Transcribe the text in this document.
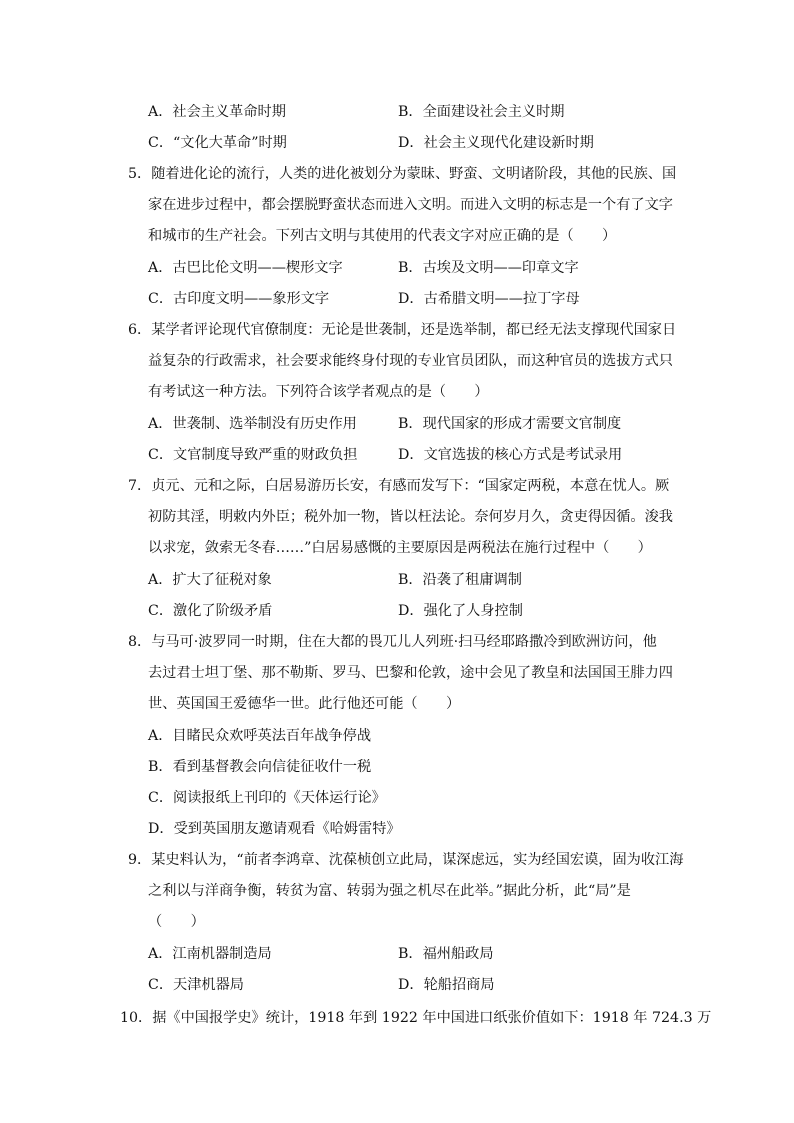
A．社会主义革命时期	B．全面建设社会主义时期
C．“文化大革命”时期	D．社会主义现代化建设新时期
5．随着进化论的流行，人类的进化被划分为蒙昧、野蛮、文明诸阶段，其他的民族、国
家在进步过程中，都会摆脱野蛮状态而进入文明。而进入文明的标志是一个有了文字
和城市的生产社会。下列古文明与其使用的代表文字对应正确的是（　　）
A．古巴比伦文明——楔形文字	B．古埃及文明——印章文字
C．古印度文明——象形文字	D．古希腊文明——拉丁字母
6．某学者评论现代官僚制度：无论是世袭制，还是选举制，都已经无法支撑现代国家日
益复杂的行政需求，社会要求能终身付现的专业官员团队，而这种官员的选拔方式只
有考试这一种方法。下列符合该学者观点的是（　　）
A．世袭制、选举制没有历史作用	B．现代国家的形成才需要文官制度
C．文官制度导致严重的财政负担	D．文官选拔的核心方式是考试录用
7．贞元、元和之际，白居易游历长安，有感而发写下：“国家定两税，本意在忧人。厥
初防其淫，明敕内外臣；税外加一物，皆以枉法论。奈何岁月久，贪吏得因循。浚我
以求宠，敛索无冬春……”白居易感慨的主要原因是两税法在施行过程中（　　）
A．扩大了征税对象	B．沿袭了租庸调制
C．激化了阶级矛盾	D．强化了人身控制
8．与马可·波罗同一时期，住在大都的畏兀儿人列班·扫马经耶路撒冷到欧洲访问，他
去过君士坦丁堡、那不勒斯、罗马、巴黎和伦敦，途中会见了教皇和法国国王腓力四
世、英国国王爱德华一世。此行他还可能（　　）
A．目睹民众欢呼英法百年战争停战
B．看到基督教会向信徒征收什一税
C．阅读报纸上刊印的《天体运行论》
D．受到英国朋友邀请观看《哈姆雷特》
9．某史料认为，“前者李鸿章、沈葆桢创立此局，谋深虑远，实为经国宏谟，固为收江海
之利以与洋商争衡，转贫为富、转弱为强之机尽在此举。”据此分析，此“局”是
（　　）
A．江南机器制造局	B．福州船政局
C．天津机器局	D．轮船招商局
10．据《中国报学史》统计，1918 年到 1922 年中国进口纸张价值如下：1918 年 724.3 万
